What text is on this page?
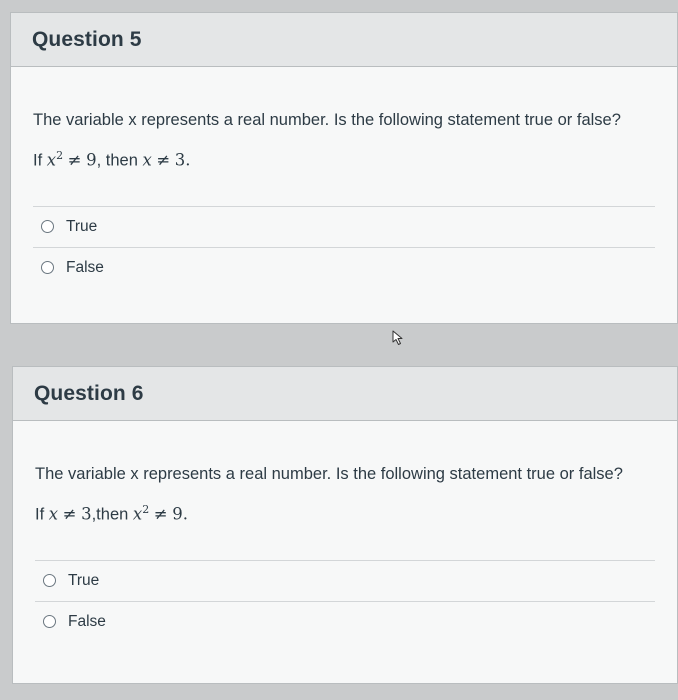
Question 5
The variable x represents a real number. Is the following statement true or false?
If $x^2 \ne 9$, then x ≠ 3.
True
False
Question 6
The variable x represents a real number. Is the following statement true or false?
If x ≠ 3,then $x^2 \ne 9$.
True
False
